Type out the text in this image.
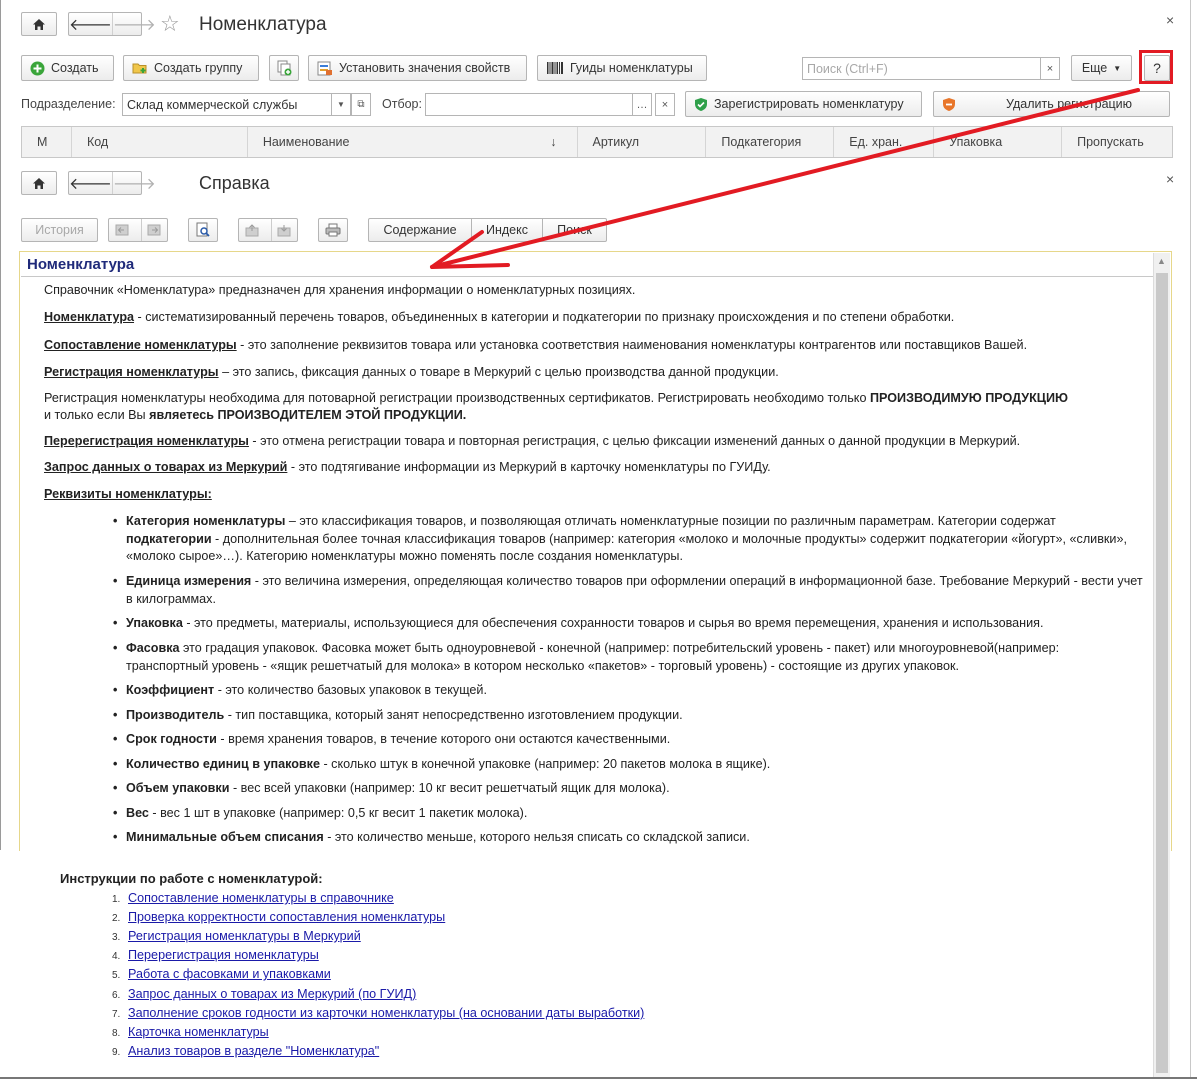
🡐 🡒 ☆ Номенклатура	×
Создать	Создать группу	Установить значения свойств	Гуиды номенклатуры	Поиск (Ctrl+F)	×	Еще ▼ ?
Подразделение: Склад коммерческой службы	▼ ⧉ Отбор:	…	×	Зарегистрировать номенклатуру	Удалить регистрацию
М	Код	Наименование	↓	Артикул	Подкатегория	Ед. хран.	Упаковка	Пропускать
🡐 🡒 Справка	×
История	Содержание	Индекс	Поиск
Номенклатура	▲

Справочник «Номенклатура» предназначен для хранения информации о номенклатурных позициях.

Номенклатура - систематизированный перечень товаров, объединенных в категории и подкатегории по признаку происхождения и по степени обработки.

Сопоставление номенклатуры - это заполнение реквизитов товара или установка соответствия наименования номенклатуры контрагентов или поставщиков Вашей.

Регистрация номенклатуры – это запись, фиксация данных о товаре в Меркурий с целью производства данной продукции.

Регистрация номенклатуры необходима для потоварной регистрации производственных сертификатов. Регистрировать необходимо только ПРОИЗВОДИМУЮ ПРОДУКЦИЮ и только если Вы являетесь ПРОИЗВОДИТЕЛЕМ ЭТОЙ ПРОДУКЦИИ.

Перерегистрация номенклатуры - это отмена регистрации товара и повторная регистрация, с целью фиксации изменений данных о данной продукции в Меркурий.

Запрос данных о товарах из Меркурий - это подтягивание информации из Меркурий в карточку номенклатуры по ГУИДу.

Реквизиты номенклатуры:

• Категория номенклатуры – это классификация товаров, и позволяющая отличать номенклатурные позиции по различным параметрам. Категории содержат подкатегории - дополнительная более точная классификация товаров (например: категория «молоко и молочные продукты» содержит подкатегории «йогурт», «сливки», «молоко сырое»…). Категорию номенклатуры можно поменять после создания номенклатуры.
• Единица измерения - это величина измерения, определяющая количество товаров при оформлении операций в информационной базе. Требование Меркурий - вести учет в килограммах.
• Упаковка - это предметы, материалы, использующиеся для обеспечения сохранности товаров и сырья во время перемещения, хранения и использования.
• Фасовка это градация упаковок. Фасовка может быть одноуровневой - конечной (например: потребительский уровень - пакет) или многоуровневой(например: транспортный уровень - «ящик решетчатый для молока» в котором несколько «пакетов» - торговый уровень) - состоящие из других упаковок.
• Коэффициент - это количество базовых упаковок в текущей.
• Производитель - тип поставщика, который занят непосредственно изготовлением продукции.
• Срок годности - время хранения товаров, в течение которого они остаются качественными.
• Количество единиц в упаковке - сколько штук в конечной упаковке (например: 20 пакетов молока в ящике).
• Объем упаковки - вес всей упаковки (например: 10 кг весит решетчатый ящик для молока).
• Вес - вес 1 шт в упаковке (например: 0,5 кг весит 1 пакетик молока).
• Минимальные объем списания - это количество меньше, которого нельзя списать со складской записи.
Инструкции по работе с номенклатурой:
1. Сопоставление номенклатуры в справочнике
2. Проверка корректности сопоставления номенклатуры
3. Регистрация номенклатуры в Меркурий
4. Перерегистрация номенклатуры
5. Работа с фасовками и упаковками
6. Запрос данных о товарах из Меркурий (по ГУИД)
7. Заполнение сроков годности из карточки номенклатуры (на основании даты выработки)
8. Карточка номенклатуры
9. Анализ товаров в разделе "Номенклатура"
